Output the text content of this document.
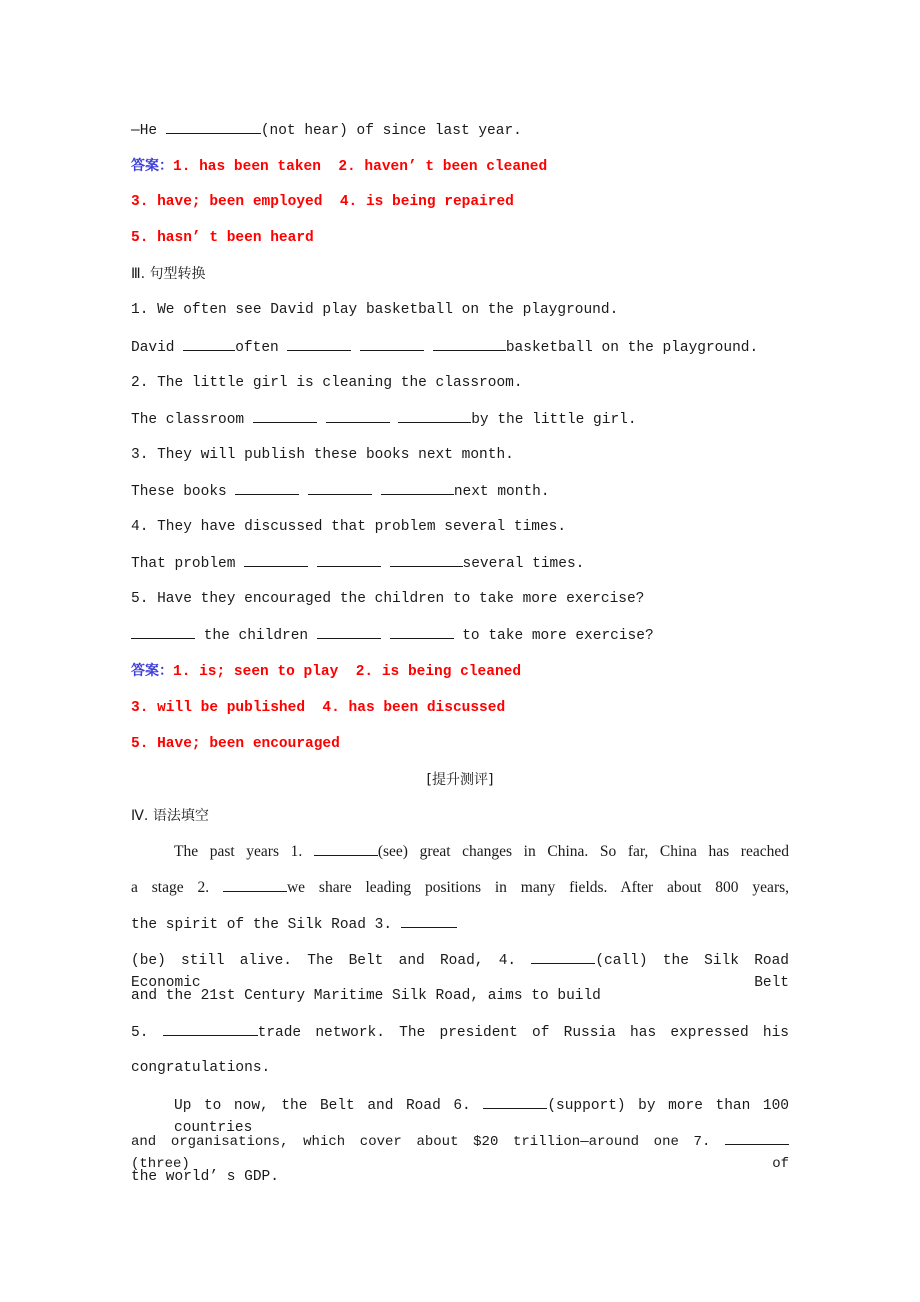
—He	(not hear) of since last year.
答案：1. has been taken  2. haven’ t been cleaned
3. have; been employed  4. is being repaired
5. hasn’ t been heard
Ⅲ. 句型转换
1. We often see David play basketball on the playground.
David	often	basketball on the playground.
2. The little girl is cleaning the classroom.
The classroom	by the little girl.
3. They will publish these books next month.
These books	next month.
4. They have discussed that problem several times.
That problem	several times.
5. Have they encouraged the children to take more exercise?
the children	to take more exercise?
答案：1. is; seen to play  2. is being cleaned
3. will be published  4. has been discussed
5. Have; been encouraged
[提升测评]
Ⅳ. 语法填空
The past years 1.	(see) great changes in China. So far, China has reached
a stage 2.	we share leading positions in many fields. After about 800 years,
the spirit of the Silk Road 3.
(be) still alive. The Belt and Road, 4.	(call) the Silk Road Economic Belt
and the 21st Century Maritime Silk Road, aims to build
5.	trade network. The president of Russia has expressed his
congratulations.
Up to now, the Belt and Road 6.	(support) by more than 100 countries
and organisations, which cover about $20 trillion—around one 7. (three) of
the world’ s GDP.
